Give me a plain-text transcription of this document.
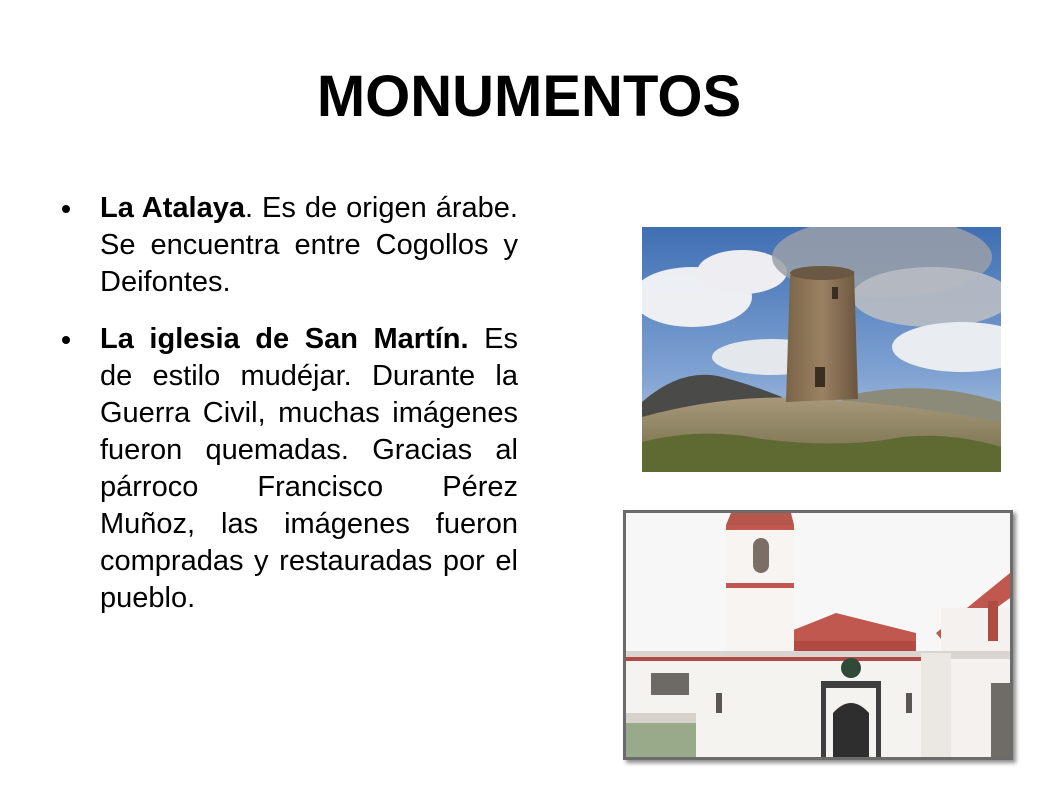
MONUMENTOS
La Atalaya. Es de origen árabe. Se encuentra entre Cogollos y Deifontes.
La iglesia de San Martín. Es de estilo mudéjar. Durante la Guerra Civil, muchas imágenes fueron quemadas. Gracias al párroco Francisco Pérez Muñoz, las imágenes fueron compradas y restauradas por el pueblo.
